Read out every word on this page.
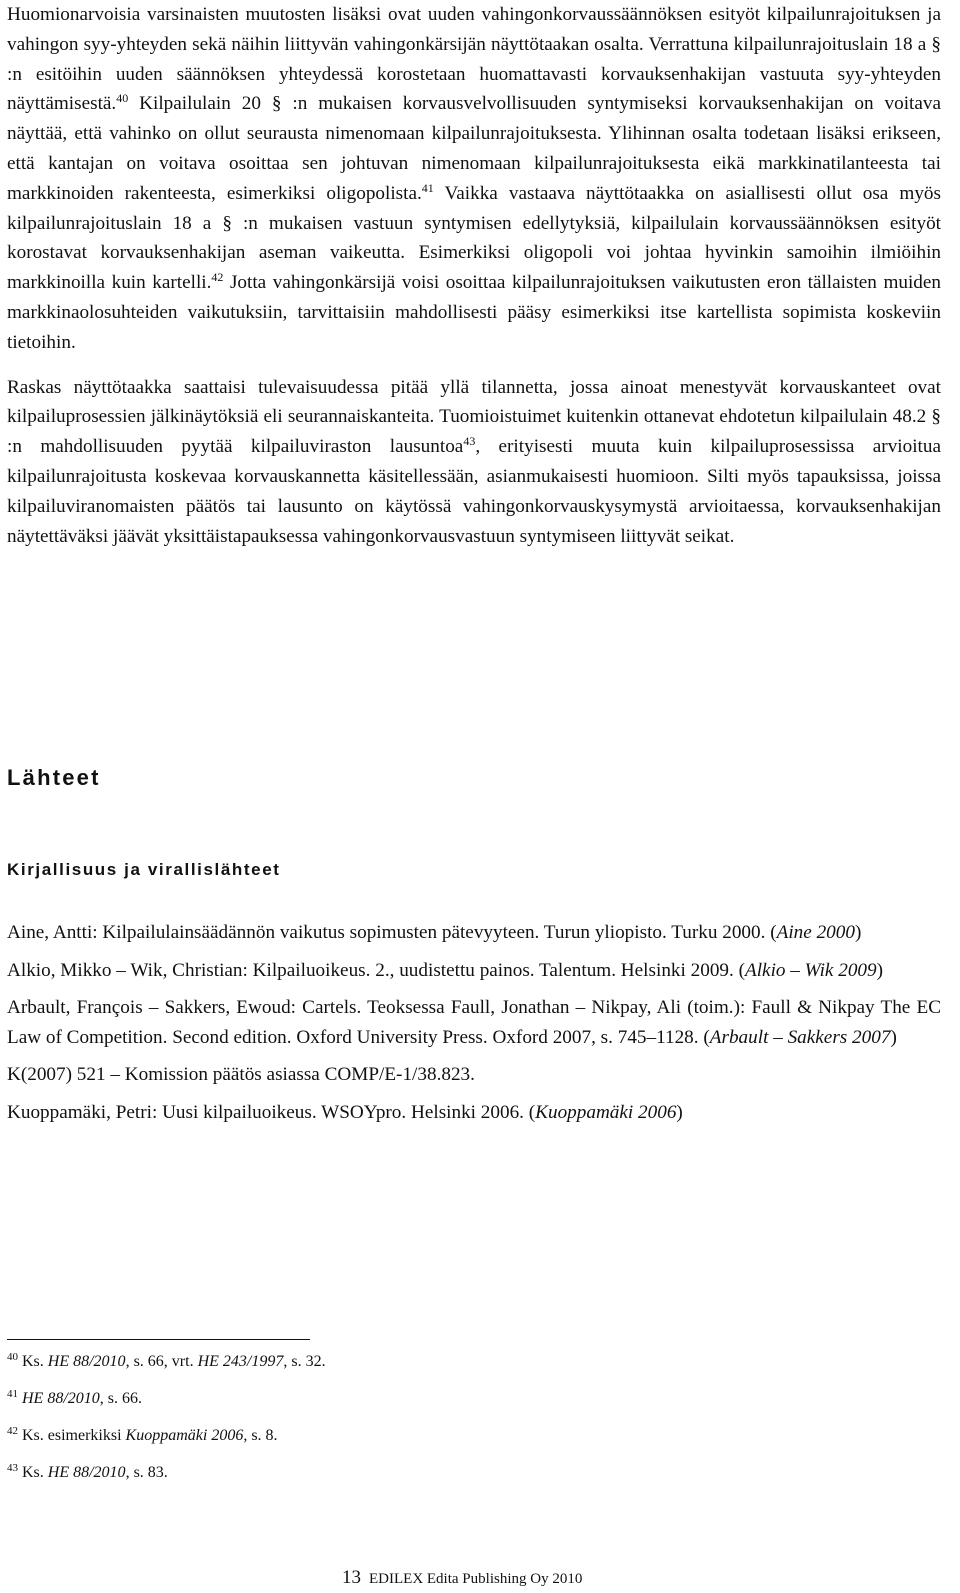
Huomionarvoisia varsinaisten muutosten lisäksi ovat uuden vahingonkorvaussäännöksen esityöt kilpailunrajoituksen ja vahingon syy-yhteyden sekä näihin liittyvän vahingonkärsijän näyttötaakan osalta. Verrattuna kilpailunrajoituslain 18 a § :n esitöihin uuden säännöksen yhteydessä korostetaan huomattavasti korvauksenhakijan vastuuta syy-yhteyden näyttämisestä.$^{40}$ Kilpailulain 20 § :n mukaisen korvausvelvollisuuden syntymiseksi korvauksenhakijan on voitava näyttää, että vahinko on ollut seurausta nimenomaan kilpailunrajoituksesta. Ylihinnan osalta todetaan lisäksi erikseen, että kantajan on voitava osoittaa sen johtuvan nimenomaan kilpailunrajoituksesta eikä markkinatilanteesta tai markkinoiden rakenteesta, esimerkiksi oligopolista.$^{41}$ Vaikka vastaava näyttötaakka on asiallisesti ollut osa myös kilpailunrajoituslain 18 a § :n mukaisen vastuun syntymisen edellytyksiä, kilpailulain korvaussäännöksen esityöt korostavat korvauksenhakijan aseman vaikeutta. Esimerkiksi oligopoli voi johtaa hyvinkin samoihin ilmiöihin markkinoilla kuin kartelli.$^{42}$ Jotta vahingonkärsijä voisi osoittaa kilpailunrajoituksen vaikutusten eron tällaisten muiden markkinaolosuhteiden vaikutuksiin, tarvittaisiin mahdollisesti pääsy esimerkiksi itse kartellista sopimista koskeviin tietoihin.

Raskas näyttötaakka saattaisi tulevaisuudessa pitää yllä tilannetta, jossa ainoat menestyvät korvauskanteet ovat kilpailuprosessien jälkinäytöksiä eli seurannaiskanteita. Tuomioistuimet kuitenkin ottanevat ehdotetun kilpailulain 48.2 § :n mahdollisuuden pyytää kilpailuviraston lausuntoa$^{43}$, erityisesti muuta kuin kilpailuprosessissa arvioitua kilpailunrajoitusta koskevaa korvauskannetta käsitellessään, asianmukaisesti huomioon. Silti myös tapauksissa, joissa kilpailuviranomaisten päätös tai lausunto on käytössä vahingonkorvauskysymystä arvioitaessa, korvauksenhakijan näytettäväksi jäävät yksittäistapauksessa vahingonkorvausvastuun syntymiseen liittyvät seikat.

Lähteet
Kirjallisuus ja virallislähteet

Aine, Antti: Kilpailulainsäädännön vaikutus sopimusten pätevyyteen. Turun yliopisto. Turku 2000. (Aine 2000)

Alkio, Mikko – Wik, Christian: Kilpailuoikeus. 2., uudistettu painos. Talentum. Helsinki 2009. (Alkio – Wik 2009)

Arbault, François – Sakkers, Ewoud: Cartels. Teoksessa Faull, Jonathan – Nikpay, Ali (toim.): Faull & Nikpay The EC Law of Competition. Second edition. Oxford University Press. Oxford 2007, s. 745–1128. (Arbault – Sakkers 2007)

K(2007) 521 – Komission päätös asiassa COMP/E-1/38.823.

Kuoppamäki, Petri: Uusi kilpailuoikeus. WSOYpro. Helsinki 2006. (Kuoppamäki 2006)

$^{40}$ Ks. HE 88/2010, s. 66, vrt. HE 243/1997, s. 32.

$^{41}$ HE 88/2010, s. 66.

$^{42}$ Ks. esimerkiksi Kuoppamäki 2006, s. 8.

$^{43}$ Ks. HE 88/2010, s. 83.

13 EDILEX Edita Publishing Oy 2010
